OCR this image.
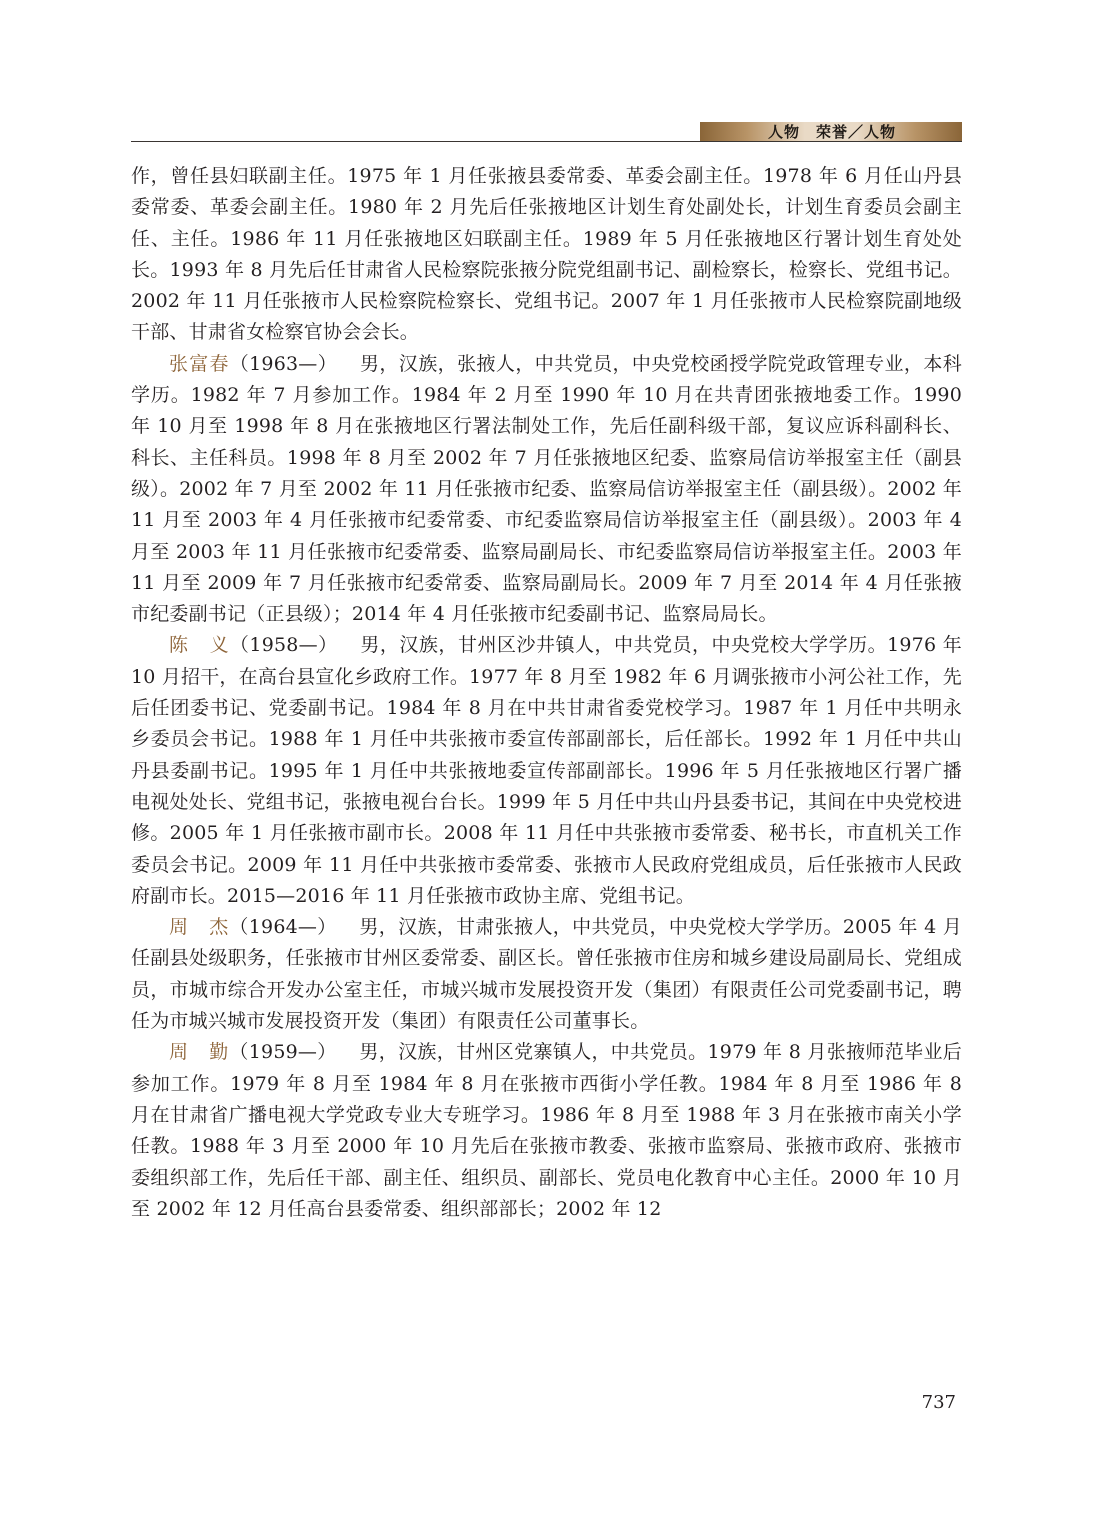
人物　荣誉／人物

作，曾任县妇联副主任。1975 年 1 月任张掖县委常委、革委会副主任。1978 年 6 月任山丹县委常委、革委会副主任。1980 年 2 月先后任张掖地区计划生育处副处长，计划生育委员会副主任、主任。1986 年 11 月任张掖地区妇联副主任。1989 年 5 月任张掖地区行署计划生育处处长。1993 年 8 月先后任甘肃省人民检察院张掖分院党组副书记、副检察长，检察长、党组书记。2002 年 11 月任张掖市人民检察院检察长、党组书记。2007 年 1 月任张掖市人民检察院副地级干部、甘肃省女检察官协会会长。

张富春（1963—） 男，汉族，张掖人，中共党员，中央党校函授学院党政管理专业，本科学历。1982 年 7 月参加工作。1984 年 2 月至 1990 年 10 月在共青团张掖地委工作。1990 年 10 月至 1998 年 8 月在张掖地区行署法制处工作，先后任副科级干部，复议应诉科副科长、科长、主任科员。1998 年 8 月至 2002 年 7 月任张掖地区纪委、监察局信访举报室主任（副县级）。2002 年 7 月至 2002 年 11 月任张掖市纪委、监察局信访举报室主任（副县级）。2002 年 11 月至 2003 年 4 月任张掖市纪委常委、市纪委监察局信访举报室主任（副县级）。2003 年 4 月至 2003 年 11 月任张掖市纪委常委、监察局副局长、市纪委监察局信访举报室主任。2003 年 11 月至 2009 年 7 月任张掖市纪委常委、监察局副局长。2009 年 7 月至 2014 年 4 月任张掖市纪委副书记（正县级）；2014 年 4 月任张掖市纪委副书记、监察局局长。

陈　义（1958—） 男，汉族，甘州区沙井镇人，中共党员，中央党校大学学历。1976 年 10 月招干，在高台县宣化乡政府工作。1977 年 8 月至 1982 年 6 月调张掖市小河公社工作，先后任团委书记、党委副书记。1984 年 8 月在中共甘肃省委党校学习。1987 年 1 月任中共明永乡委员会书记。1988 年 1 月任中共张掖市委宣传部副部长，后任部长。1992 年 1 月任中共山丹县委副书记。1995 年 1 月任中共张掖地委宣传部副部长。1996 年 5 月任张掖地区行署广播电视处处长、党组书记，张掖电视台台长。1999 年 5 月任中共山丹县委书记，其间在中央党校进修。2005 年 1 月任张掖市副市长。2008 年 11 月任中共张掖市委常委、秘书长，市直机关工作委员会书记。2009 年 11 月任中共张掖市委常委、张掖市人民政府党组成员，后任张掖市人民政府副市长。2015—2016 年 11 月任张掖市政协主席、党组书记。

周　杰（1964—） 男，汉族，甘肃张掖人，中共党员，中央党校大学学历。2005 年 4 月任副县处级职务，任张掖市甘州区委常委、副区长。曾任张掖市住房和城乡建设局副局长、党组成员，市城市综合开发办公室主任，市城兴城市发展投资开发（集团）有限责任公司党委副书记，聘任为市城兴城市发展投资开发（集团）有限责任公司董事长。

周　勤（1959—） 男，汉族，甘州区党寨镇人，中共党员。1979 年 8 月张掖师范毕业后参加工作。1979 年 8 月至 1984 年 8 月在张掖市西街小学任教。1984 年 8 月至 1986 年 8 月在甘肃省广播电视大学党政专业大专班学习。1986 年 8 月至 1988 年 3 月在张掖市南关小学任教。1988 年 3 月至 2000 年 10 月先后在张掖市教委、张掖市监察局、张掖市政府、张掖市委组织部工作，先后任干部、副主任、组织员、副部长、党员电化教育中心主任。2000 年 10 月至 2002 年 12 月任高台县委常委、组织部部长；2002 年 12

737
